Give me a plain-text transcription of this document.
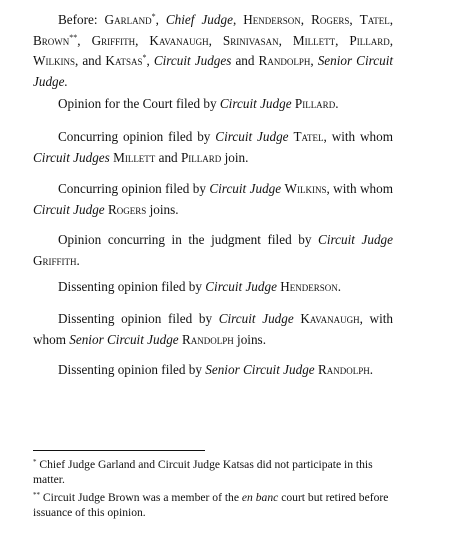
Before: Garland*, Chief Judge, Henderson, Rogers, Tatel, Brown**, Griffith, Kavanaugh, Srinivasan, Millett, Pillard, Wilkins, and Katsas*, Circuit Judges and Randolph, Senior Circuit Judge.

Opinion for the Court filed by Circuit Judge Pillard.

Concurring opinion filed by Circuit Judge Tatel, with whom Circuit Judges Millett and Pillard join.

Concurring opinion filed by Circuit Judge Wilkins, with whom Circuit Judge Rogers joins.

Opinion concurring in the judgment filed by Circuit Judge Griffith.

Dissenting opinion filed by Circuit Judge Henderson.

Dissenting opinion filed by Circuit Judge Kavanaugh, with whom Senior Circuit Judge Randolph joins.

Dissenting opinion filed by Senior Circuit Judge Randolph.

* Chief Judge Garland and Circuit Judge Katsas did not participate in this matter.

** Circuit Judge Brown was a member of the en banc court but retired before issuance of this opinion.
